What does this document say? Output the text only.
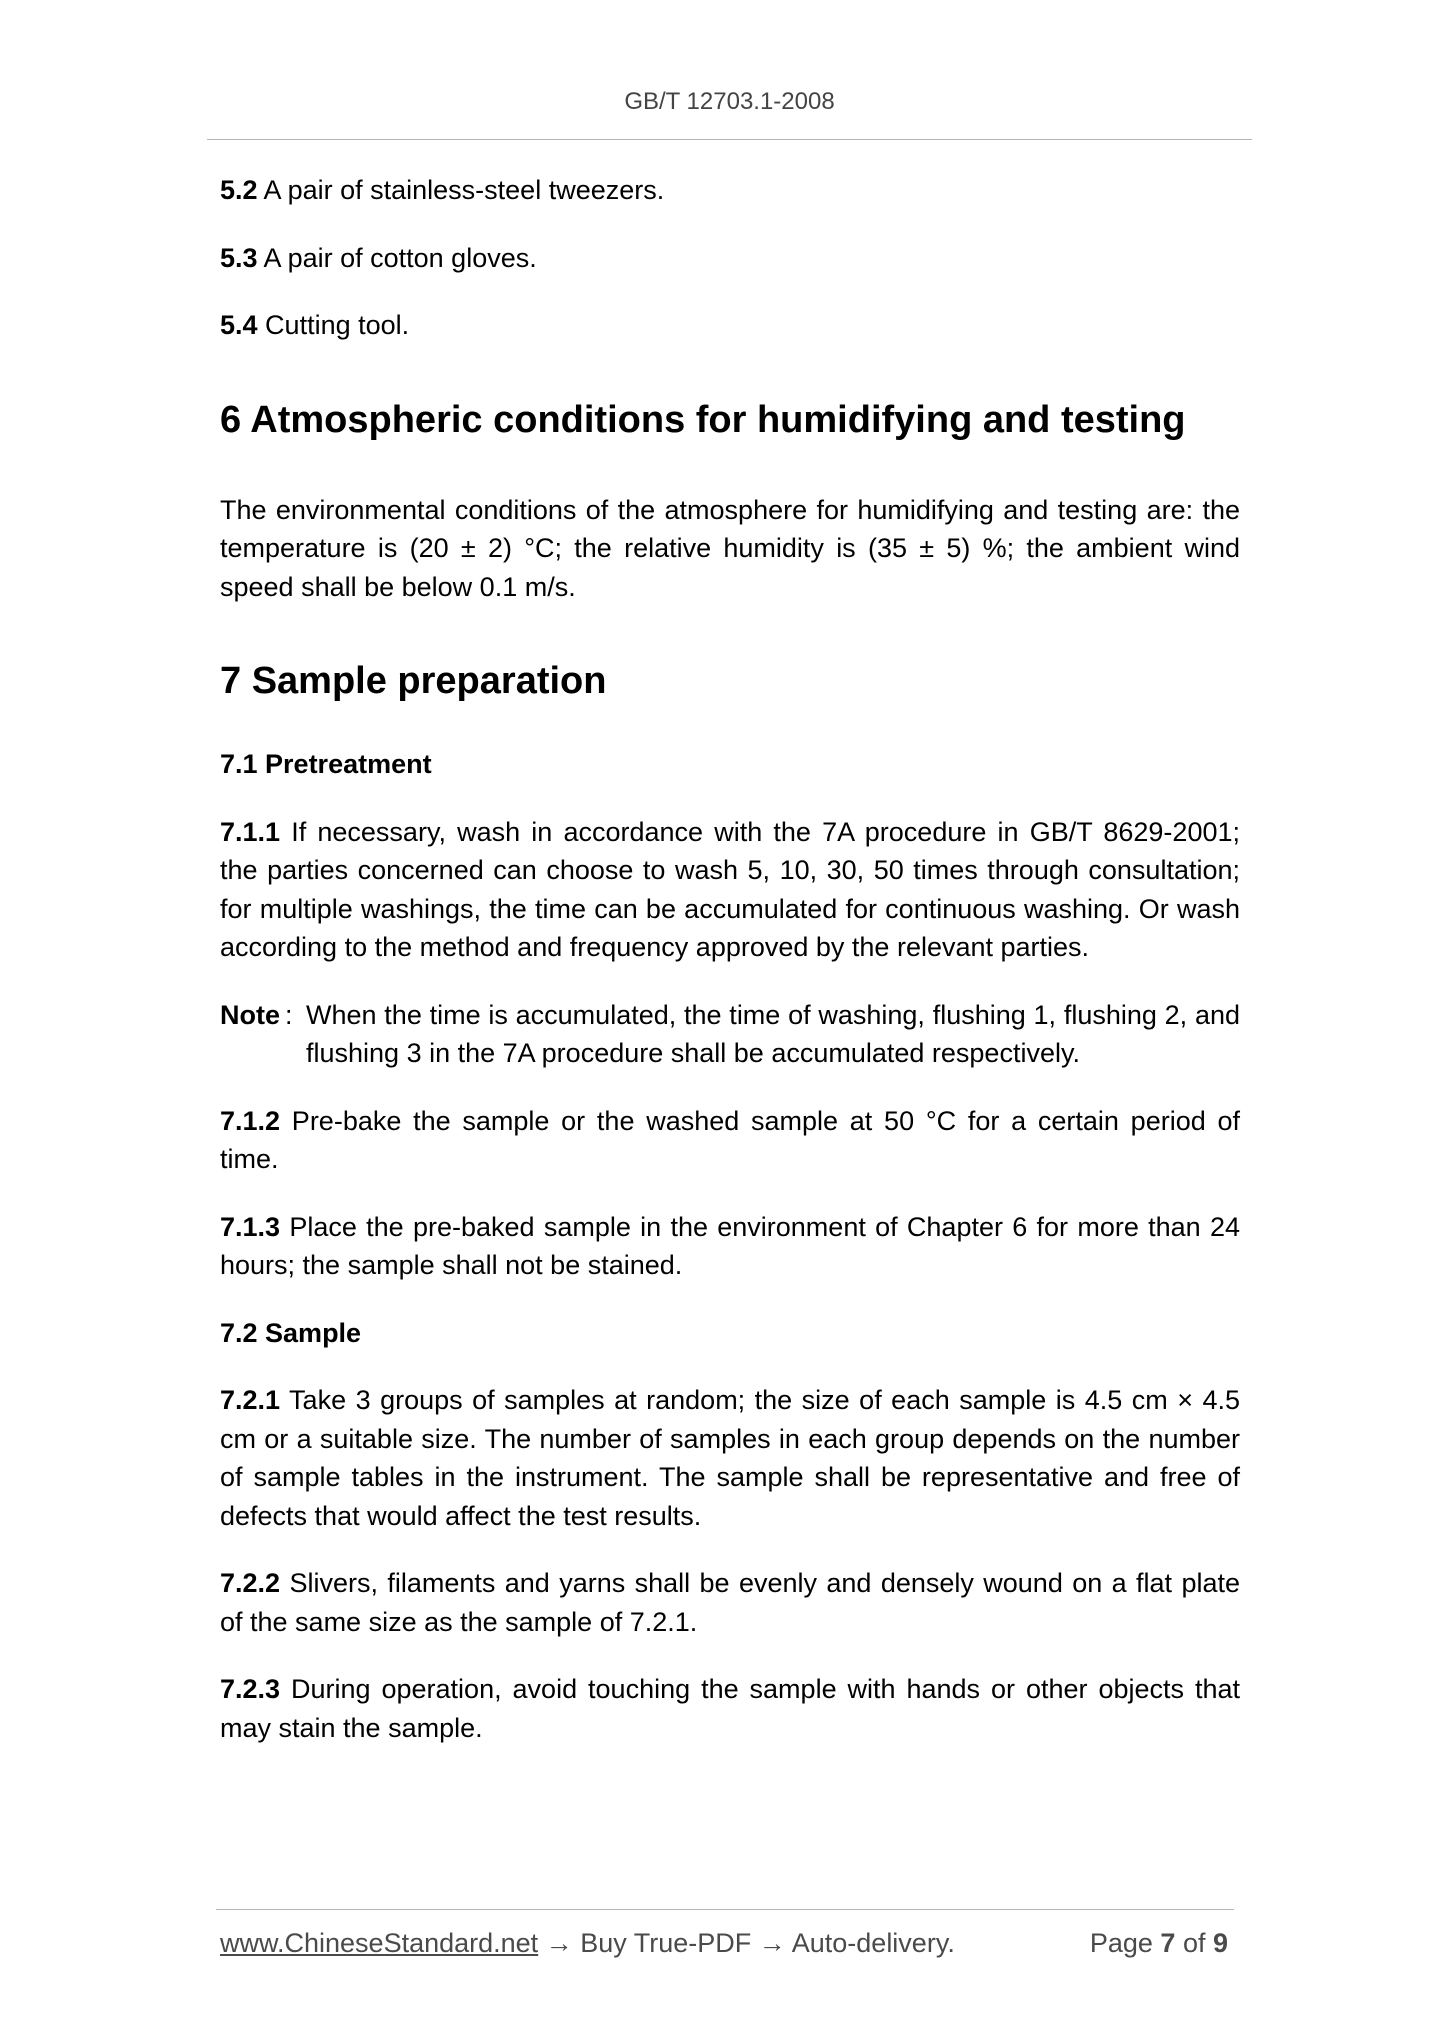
GB/T 12703.1-2008

5.2 A pair of stainless-steel tweezers.

5.3 A pair of cotton gloves.

5.4 Cutting tool.

6 Atmospheric conditions for humidifying and testing

The environmental conditions of the atmosphere for humidifying and testing are: the temperature is (20 ± 2) °C; the relative humidity is (35 ± 5) %; the ambient wind speed shall be below 0.1 m/s.

7 Sample preparation
7.1 Pretreatment

7.1.1 If necessary, wash in accordance with the 7A procedure in GB/T 8629-2001; the parties concerned can choose to wash 5, 10, 30, 50 times through consultation; for multiple washings, the time can be accumulated for continuous washing. Or wash according to the method and frequency approved by the relevant parties.

Note : When the time is accumulated, the time of washing, flushing 1, flushing 2, and flushing 3 in the 7A procedure shall be accumulated respectively.

7.1.2 Pre-bake the sample or the washed sample at 50 °C for a certain period of time.

7.1.3 Place the pre-baked sample in the environment of Chapter 6 for more than 24 hours; the sample shall not be stained.

7.2 Sample

7.2.1 Take 3 groups of samples at random; the size of each sample is 4.5 cm × 4.5 cm or a suitable size. The number of samples in each group depends on the number of sample tables in the instrument. The sample shall be representative and free of defects that would affect the test results.

7.2.2 Slivers, filaments and yarns shall be evenly and densely wound on a flat plate of the same size as the sample of 7.2.1.

7.2.3 During operation, avoid touching the sample with hands or other objects that may stain the sample.

www.ChineseStandard.net → Buy True-PDF → Auto-delivery.	Page 7 of 9
